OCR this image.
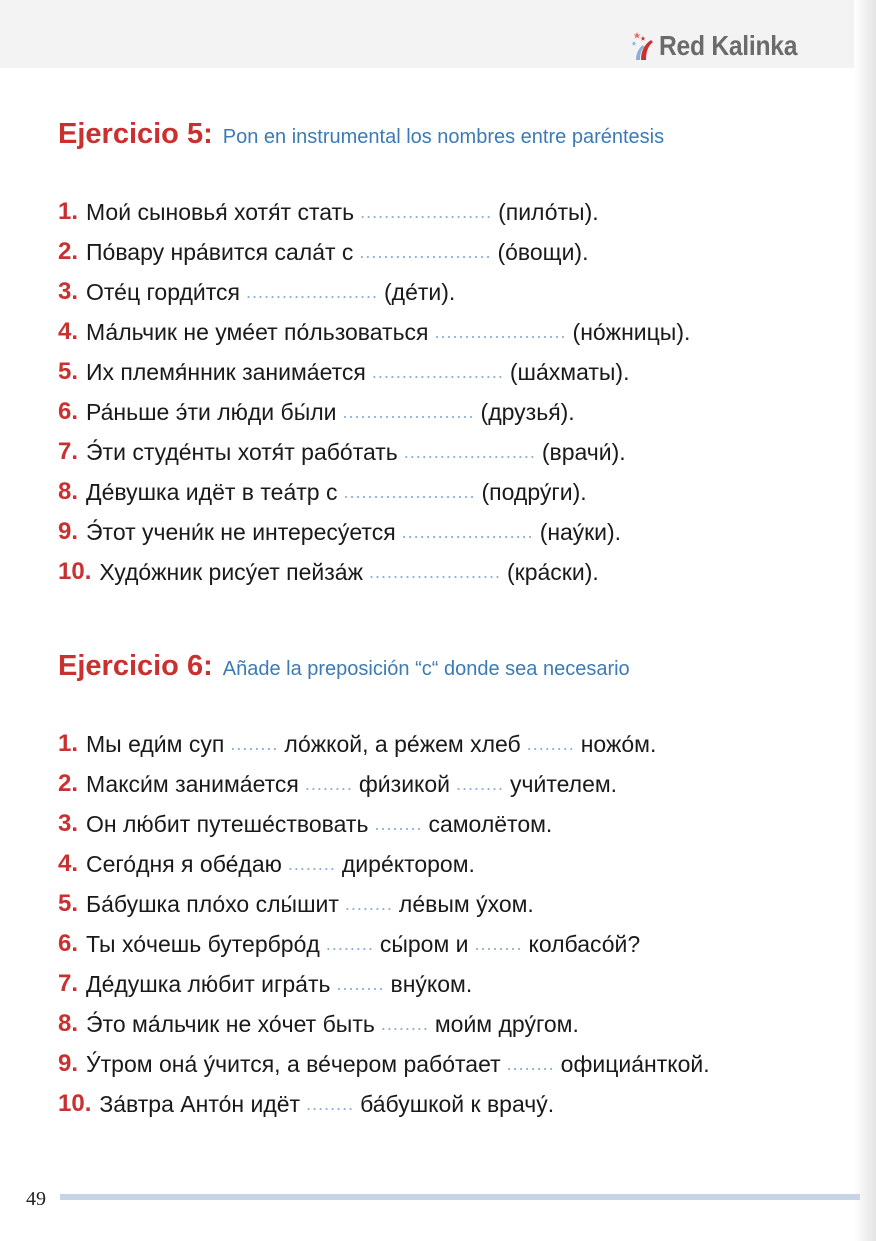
Red Kalinka
Ejercicio 5: Pon en instrumental los nombres entre paréntesis
1. Мои́ сыновья́ хотя́т стать ...................... (пило́ты).
2. По́вару нра́вится сала́т с ...................... (о́вощи).
3. Оте́ц горди́тся ...................... (де́ти).
4. Ма́льчик не уме́ет по́льзоваться ...................... (но́жницы).
5. Их племя́нник занима́ется ...................... (ша́хматы).
6. Ра́ньше э́ти лю́ди бы́ли ...................... (друзья́).
7. Э́ти студе́нты хотя́т рабо́тать ...................... (врачи́).
8. Де́вушка идёт в теа́тр с ...................... (подру́ги).
9. Э́тот учени́к не интересу́ется ...................... (нау́ки).
10. Худо́жник рису́ет пейза́ж ...................... (кра́ски).
Ejercicio 6: Añade la preposición “c“ donde sea necesario
1. Мы еди́м суп ........ ло́жкой, а ре́жем хлеб ........ ножо́м.
2. Макси́м занима́ется ........ фи́зикой ........ учи́телем.
3. Он лю́бит путеше́ствовать ........ самолётом.
4. Сего́дня я обе́даю ........ дире́ктором.
5. Ба́бушка пло́хо слы́шит ........ ле́вым у́хом.
6. Ты хо́чешь бутербро́д ........ сы́ром и ........ колбасо́й?
7. Де́душка лю́бит игра́ть ........ вну́ком.
8. Э́то ма́льчик не хо́чет быть ........ мои́м дру́гом.
9. У́тром она́ у́чится, а ве́чером рабо́тает ........ официа́нткой.
10. За́втра Анто́н идёт ........ ба́бушкой к врачу́.
49
